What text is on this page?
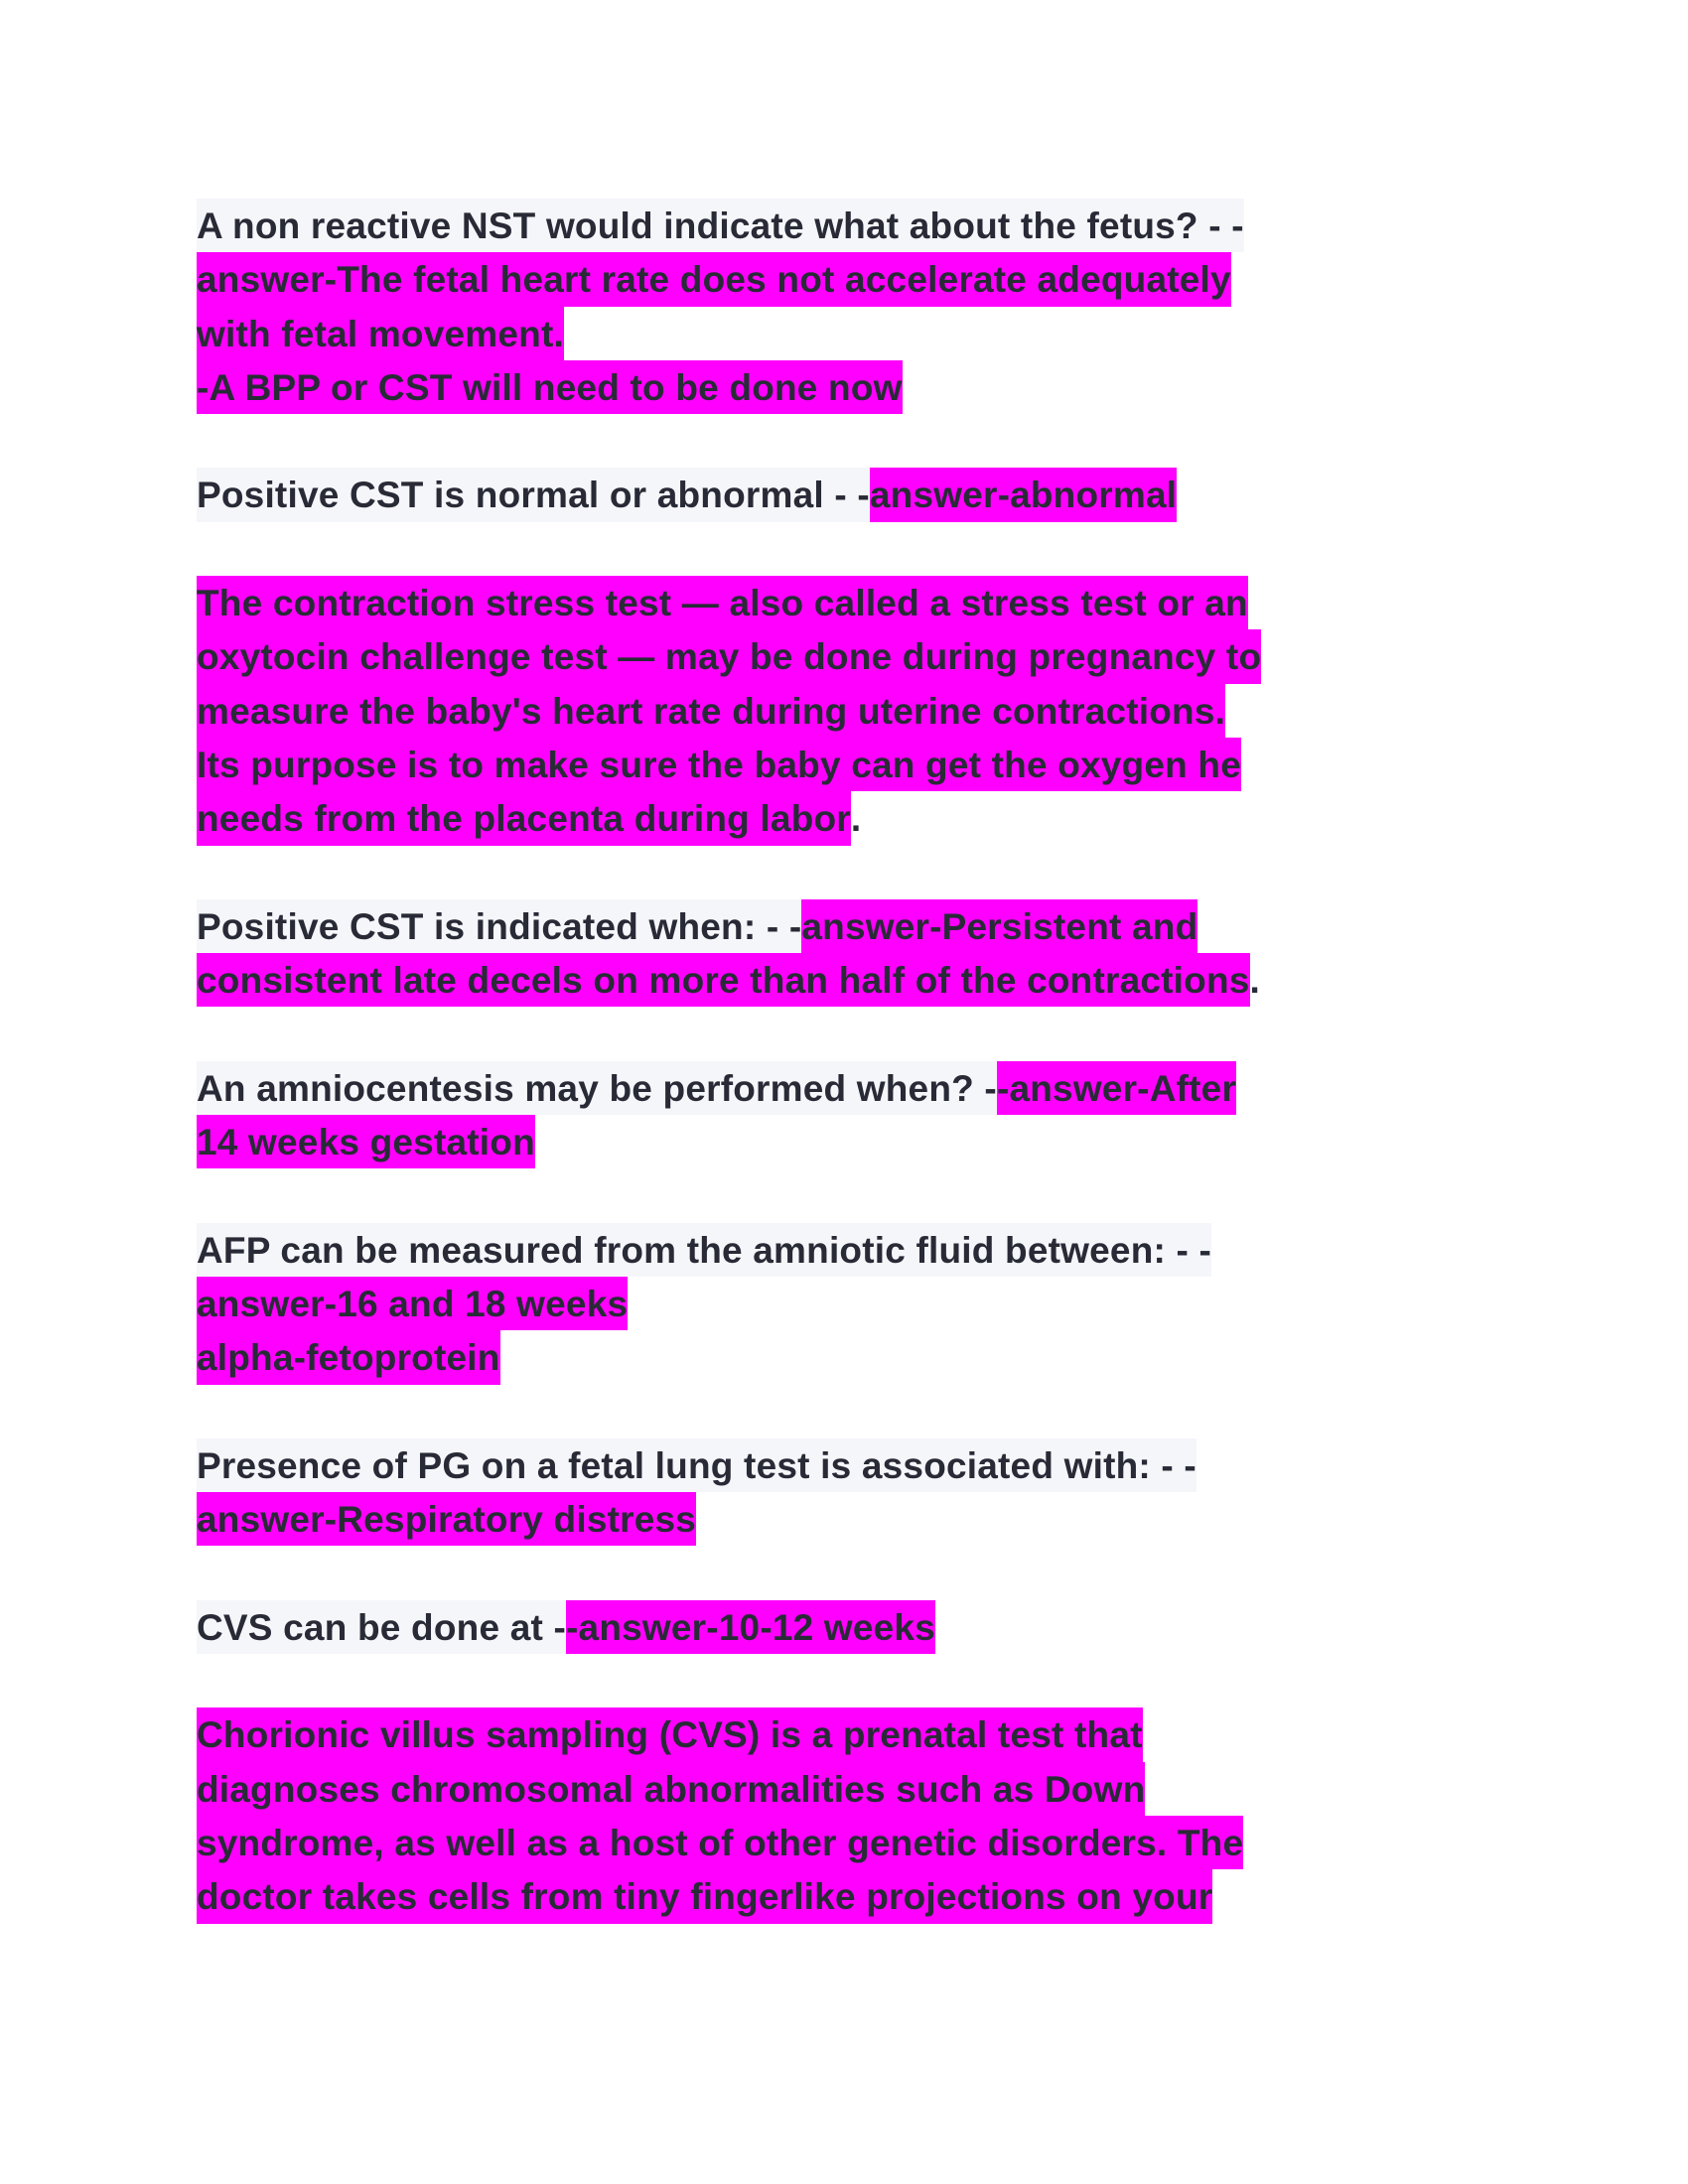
A non reactive NST would indicate what about the fetus? - -
answer-The fetal heart rate does not accelerate adequately
with fetal movement.
-A BPP or CST will need to be done now
Positive CST is normal or abnormal - -answer-abnormal
The contraction stress test — also called a stress test or an
oxytocin challenge test — may be done during pregnancy to
measure the baby's heart rate during uterine contractions.
Its purpose is to make sure the baby can get the oxygen he
needs from the placenta during labor.
Positive CST is indicated when: - -answer-Persistent and
consistent late decels on more than half of the contractions.
An amniocentesis may be performed when? --answer-After
14 weeks gestation
AFP can be measured from the amniotic fluid between: - -
answer-16 and 18 weeks
alpha-fetoprotein
Presence of PG on a fetal lung test is associated with: - -
answer-Respiratory distress
CVS can be done at --answer-10-12 weeks
Chorionic villus sampling (CVS) is a prenatal test that
diagnoses chromosomal abnormalities such as Down
syndrome, as well as a host of other genetic disorders. The
doctor takes cells from tiny fingerlike projections on your
